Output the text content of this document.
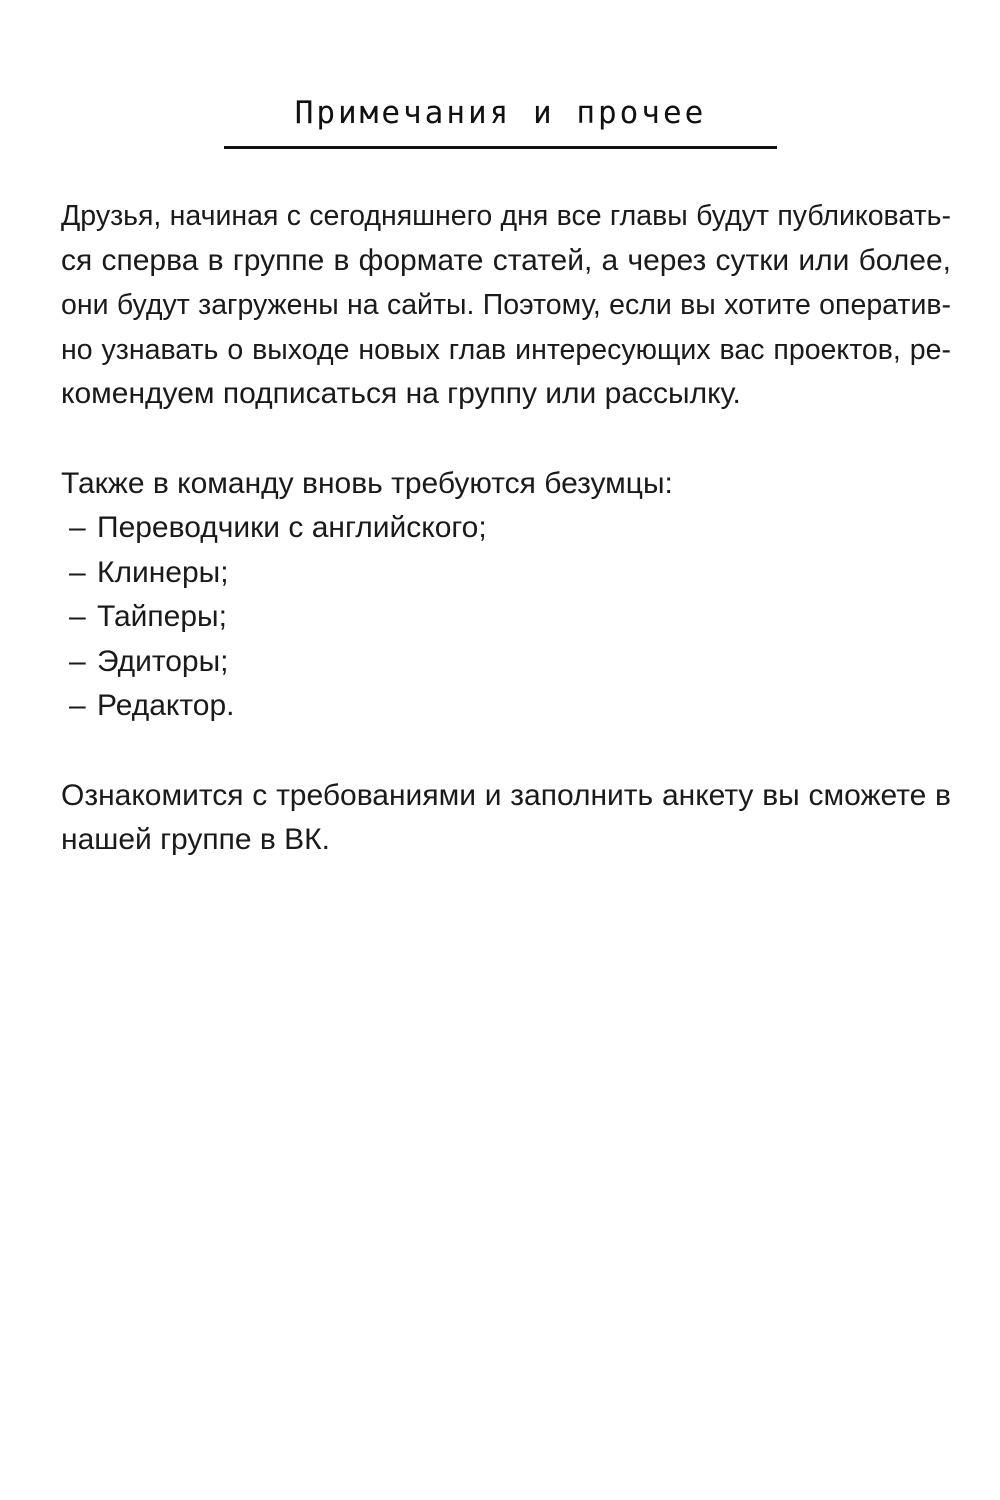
Примечания и прочее
Друзья, начиная с сегодняшнего дня все главы будут публиковать-
ся сперва в группе в формате статей, а через сутки или более,
они будут загружены на сайты. Поэтому, если вы хотите оператив-
но узнавать о выходе новых глав интересующих вас проектов, ре-
комендуем подписаться на группу или рассылку.
Также в команду вновь требуются безумцы:
– Переводчики с английского;
– Клинеры;
– Тайперы;
– Эдиторы;
– Редактор.
Ознакомится с требованиями и заполнить анкету вы сможете в
нашей группе в ВК.
